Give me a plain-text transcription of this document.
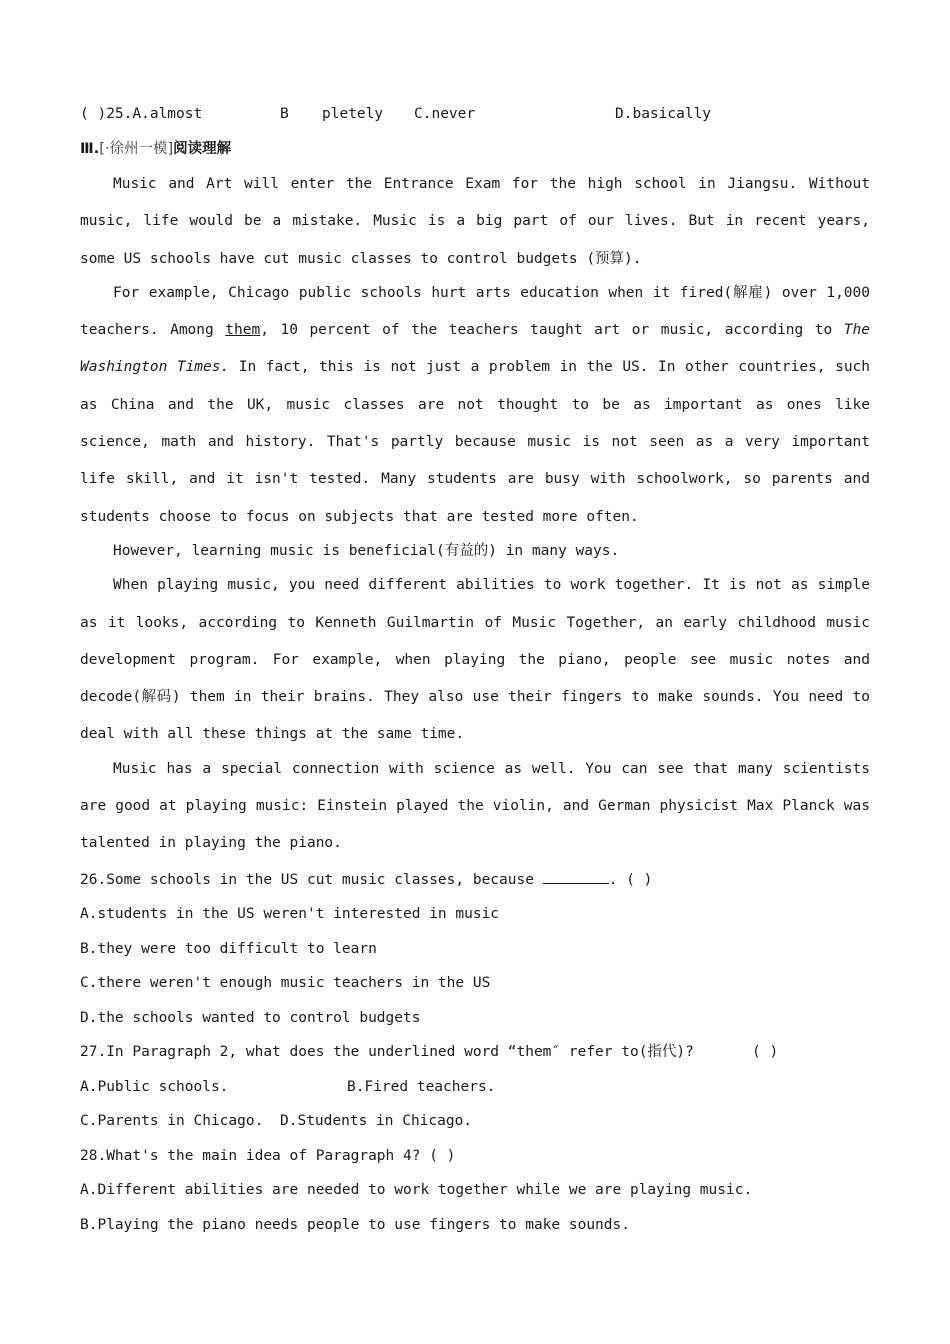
( )25.A.almost	B pletely C.never	D.basically
Ⅲ.[·徐州一模]阅读理解

Music and Art will enter the Entrance Exam for the high school in Jiangsu. Without music, life would be a mistake. Music is a big part of our lives. But in recent years, some US schools have cut music classes to control budgets (预算).

For example, Chicago public schools hurt arts education when it fired(解雇) over 1,000 teachers. Among them, 10 percent of the teachers taught art or music, according to The Washington Times. In fact, this is not just a problem in the US. In other countries, such as China and the UK, music classes are not thought to be as important as ones like science, math and history. That's partly because music is not seen as a very important life skill, and it isn't tested. Many students are busy with schoolwork, so parents and students choose to focus on subjects that are tested more often.

However, learning music is beneficial(有益的) in many ways.

When playing music, you need different abilities to work together. It is not as simple as it looks, according to Kenneth Guilmartin of Music Together, an early childhood music development program. For example, when playing the piano, people see music notes and decode(解码) them in their brains. They also use their fingers to make sounds. You need to deal with all these things at the same time.

Music has a special connection with science as well. You can see that many scientists are good at playing music: Einstein played the violin, and German physicist Max Planck was talented in playing the piano.

26.Some schools in the US cut music classes, because	. ( )
A.students in the US weren't interested in music
B.they were too difficult to learn
C.there weren't enough music teachers in the US
D.the schools wanted to control budgets
27.In Paragraph 2, what does the underlined word “them″ refer to(指代)?	( )
A.Public schools.	B.Fired teachers.
C.Parents in Chicago. D.Students in Chicago.
28.What's the main idea of Paragraph 4? ( )
A.Different abilities are needed to work together while we are playing music.
B.Playing the piano needs people to use fingers to make sounds.
